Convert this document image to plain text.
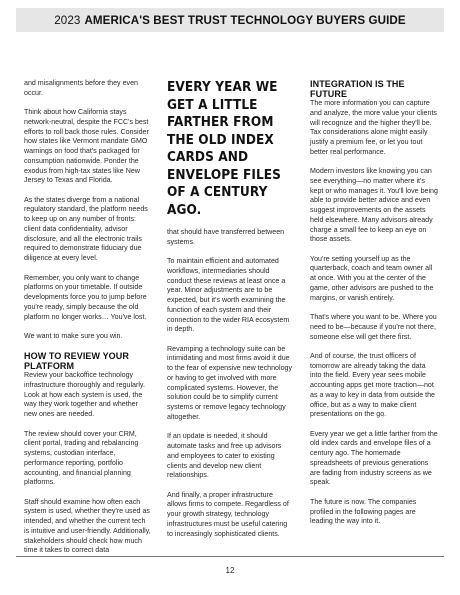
2023 AMERICA'S BEST TRUST TECHNOLOGY BUYERS GUIDE

and misalignments before they even occur.

Think about how California stays network-neutral, despite the FCC's best efforts to roll back those rules. Consider how states like Vermont mandate GMO warnings on food that's packaged for consumption nationwide. Ponder the exodus from high-tax states like New Jersey to Texas and Florida.

As the states diverge from a national regulatory standard, the platform needs to keep up on any number of fronts: client data confidentiality, advisor disclosure, and all the electronic trails required to demonstrate fiduciary due diligence at every level.

Remember, you only want to change platforms on your timetable. If outside developments force you to jump before you're ready, simply because the old platform no longer works… You've lost.

We want to make sure you win.

HOW TO REVIEW YOUR PLATFORM

Review your backoffice technology infrastructure thoroughly and regularly. Look at how each system is used, the way they work together and whether new ones are needed.

The review should cover your CRM, client portal, trading and rebalancing systems, custodian interface, performance reporting, portfolio accounting, and financial planning platforms.

Staff should examine how often each system is used, whether they're used as intended, and whether the current tech is intuitive and user-friendly. Additionally, stakeholders should check how much time it takes to correct data

EVERY YEAR WE GET A LITTLE FARTHER FROM THE OLD INDEX CARDS AND ENVELOPE FILES OF A CENTURY AGO.

that should have transferred between systems.

To maintain efficient and automated workflows, intermediaries should conduct these reviews at least once a year. Minor adjustments are to be expected, but it's worth examining the function of each system and their connection to the wider RIA ecosystem in depth.

Revamping a technology suite can be intimidating and most firms avoid it due to the fear of expensive new technology or having to get involved with more complicated systems. However, the solution could be to simplify current systems or remove legacy technology altogether.

If an update is needed, it should automate tasks and free up advisors and employees to cater to existing clients and develop new client relationships.

And finally, a proper infrastructure allows firms to compete. Regardless of your growth strategy, technology infrastructures must be useful catering to increasingly sophisticated clients.

INTEGRATION IS THE FUTURE

The more information you can capture and analyze, the more value your clients will recognize and the higher they'll be. Tax considerations alone might easily justify a premium fee, or let you tout better real performance.

Modern investors like knowing you can see everything—no matter where it's kept or who manages it. You'll love being able to provide better advice and even suggest improvements on the assets held elsewhere. Many advisors already charge a small fee to keep an eye on those assets.

You're setting yourself up as the quarterback, coach and team owner all at once. With you at the center of the game, other advisors are pushed to the margins, or vanish entirely.

That's where you want to be. Where you need to be—because if you're not there, someone else will get there first.

And of course, the trust officers of tomorrow are already taking the data into the field. Every year sees mobile accounting apps get more traction—not as a way to key in data from outside the office, but as a way to make client presentations on the go.

Every year we get a little farther from the old index cards and envelope files of a century ago. The homemade spreadsheets of previous generations are fading from industry screens as we speak.

The future is now. The companies profiled in the following pages are leading the way into it.

12
